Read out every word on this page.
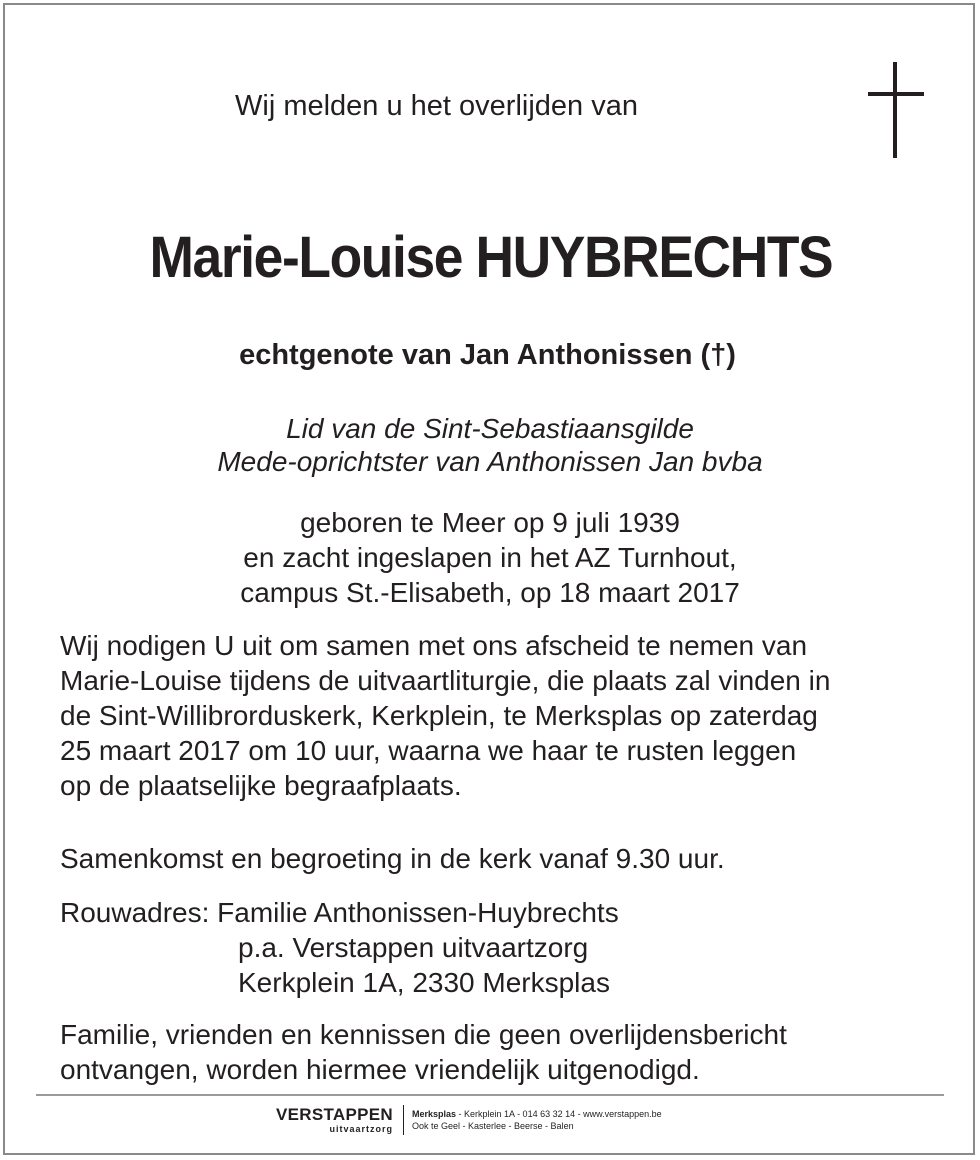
Wij melden u het overlijden van
Marie-Louise HUYBRECHTS
echtgenote van Jan Anthonissen (†)
Lid van de Sint-Sebastiaansgilde
Mede-oprichtster van Anthonissen Jan bvba
geboren te Meer op 9 juli 1939
en zacht ingeslapen in het AZ Turnhout,
campus St.-Elisabeth, op 18 maart 2017
Wij nodigen U uit om samen met ons afscheid te nemen van
Marie-Louise tijdens de uitvaartliturgie, die plaats zal vinden in
de Sint-Willibrorduskerk, Kerkplein, te Merksplas op zaterdag
25 maart 2017 om 10 uur, waarna we haar te rusten leggen
op de plaatselijke begraafplaats.
Samenkomst en begroeting in de kerk vanaf 9.30 uur.
Rouwadres: Familie Anthonissen-Huybrechts
p.a. Verstappen uitvaartzorg
Kerkplein 1A, 2330 Merksplas
Familie, vrienden en kennissen die geen overlijdensbericht
ontvangen, worden hiermee vriendelijk uitgenodigd.
VERSTAPPEN
uitvaartzorg
Merksplas - Kerkplein 1A - 014 63 32 14 - www.verstappen.be
Ook te Geel - Kasterlee - Beerse - Balen
